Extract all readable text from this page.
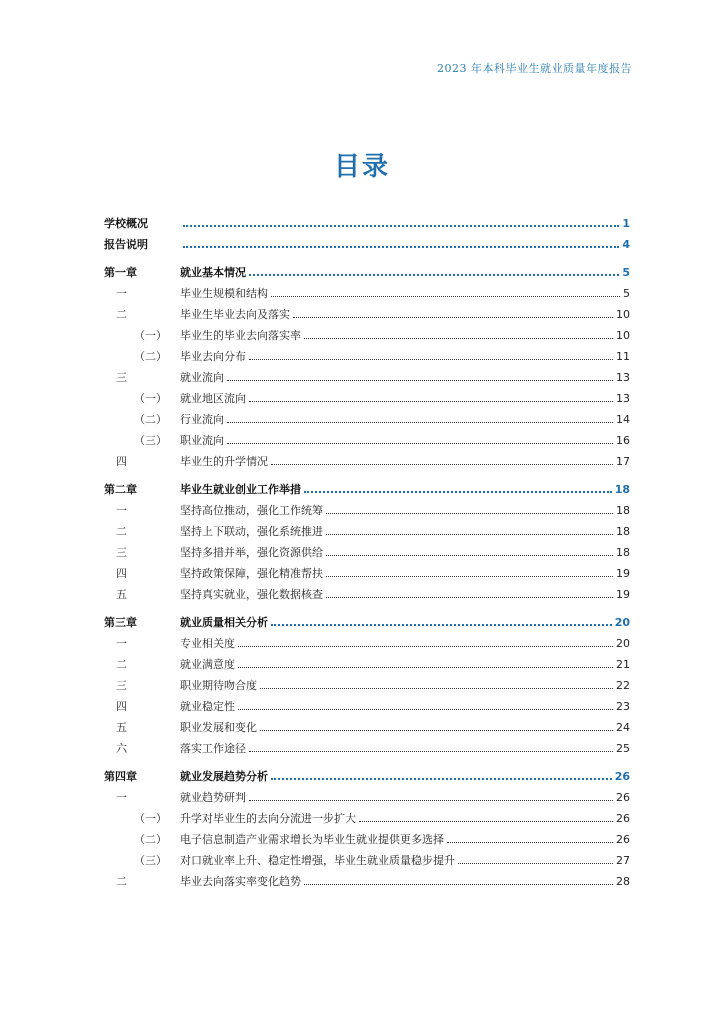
2023 年本科毕业生就业质量年度报告
目录
学校概况	1
报告说明	4
第一章	就业基本情况	5
一	毕业生规模和结构	5
二	毕业生毕业去向及落实	10
（一）	毕业生的毕业去向落实率	10
（二）	毕业去向分布	11
三	就业流向	13
（一）	就业地区流向	13
（二）	行业流向	14
（三）	职业流向	16
四	毕业生的升学情况	17
第二章	毕业生就业创业工作举措	18
一	坚持高位推动，强化工作统筹	18
二	坚持上下联动，强化系统推进	18
三	坚持多措并举，强化资源供给	18
四	坚持政策保障，强化精准帮扶	19
五	坚持真实就业，强化数据核查	19
第三章	就业质量相关分析	20
一	专业相关度	20
二	就业满意度	21
三	职业期待吻合度	22
四	就业稳定性	23
五	职业发展和变化	24
六	落实工作途径	25
第四章	就业发展趋势分析	26
一	就业趋势研判	26
（一）	升学对毕业生的去向分流进一步扩大	26
（二）	电子信息制造产业需求增长为毕业生就业提供更多选择	26
（三）	对口就业率上升、稳定性增强，毕业生就业质量稳步提升	27
二	毕业去向落实率变化趋势	28
